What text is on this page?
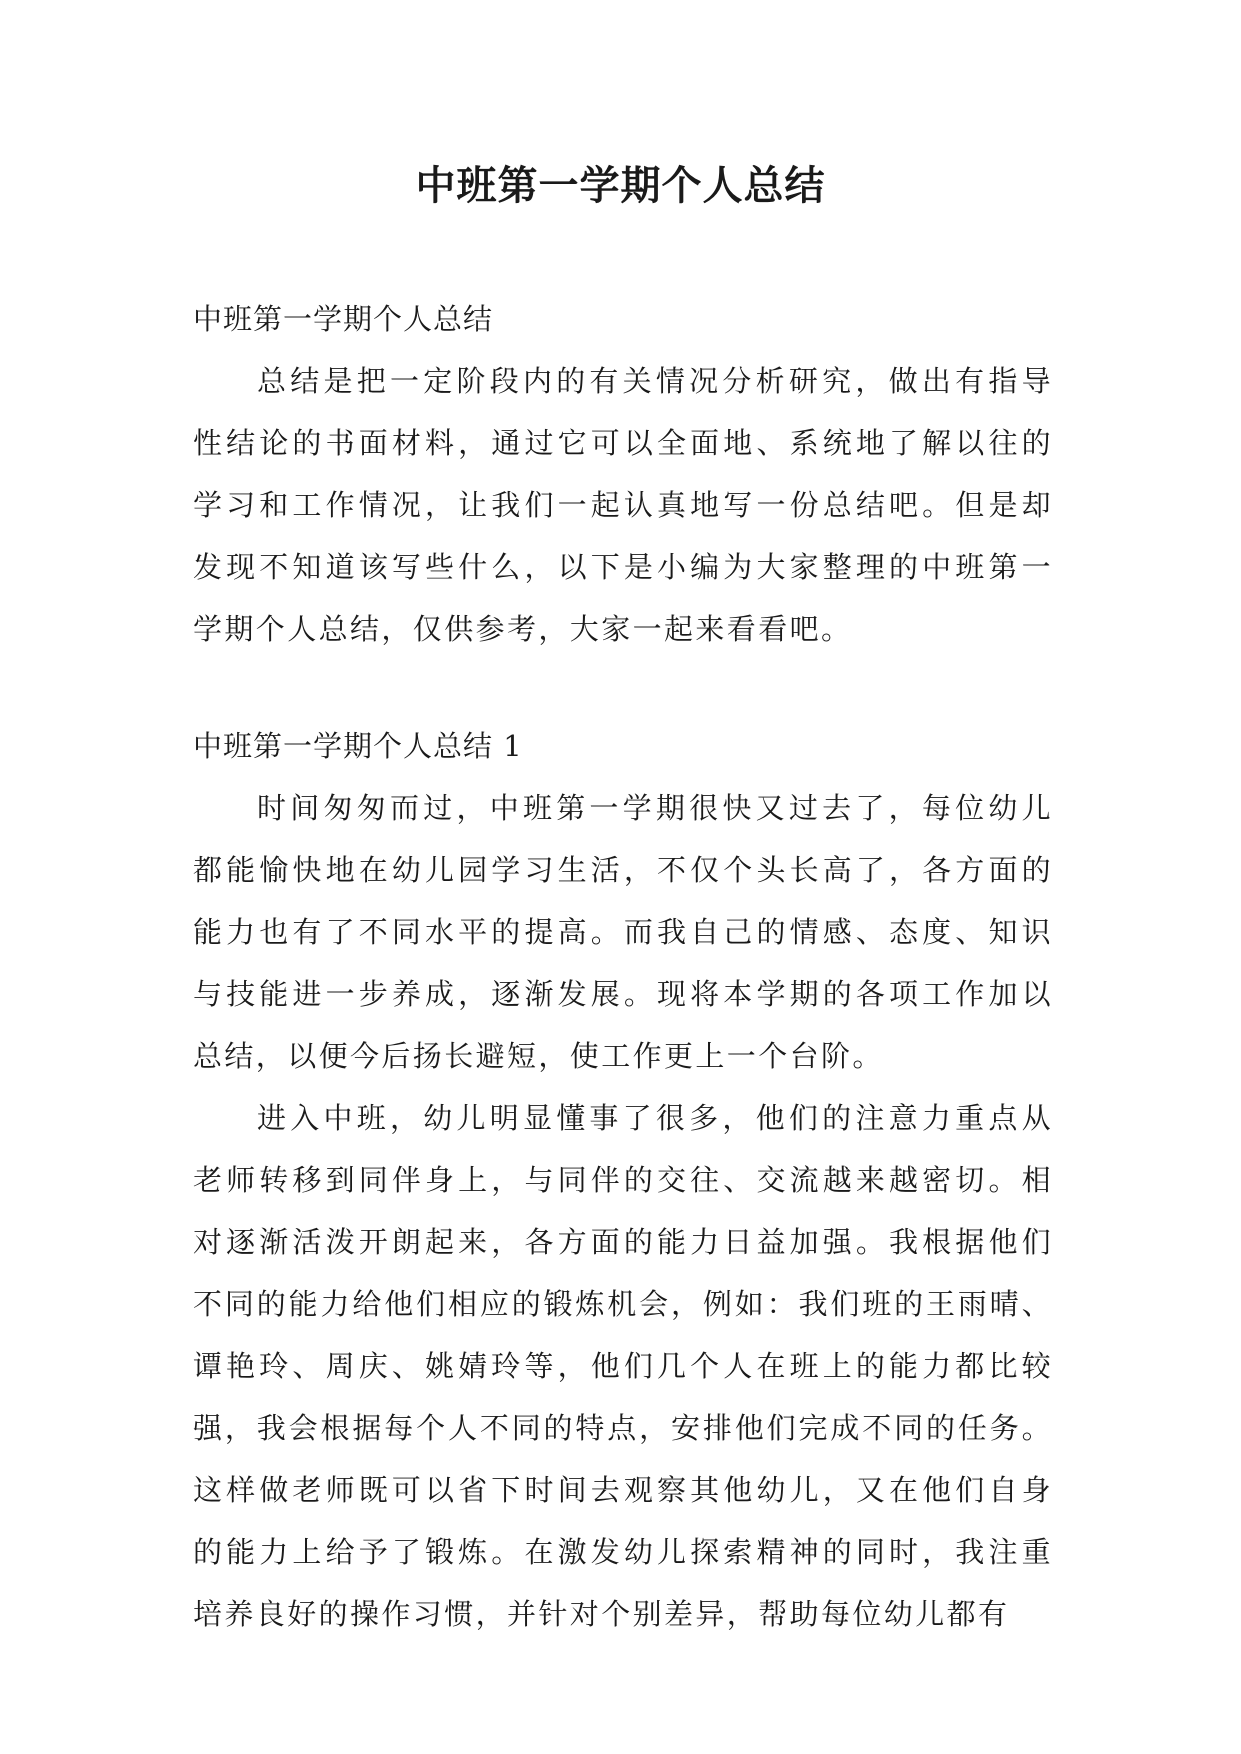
中班第一学期个人总结
中班第一学期个人总结
总结是把一定阶段内的有关情况分析研究，做出有指导
性结论的书面材料，通过它可以全面地、系统地了解以往的
学习和工作情况，让我们一起认真地写一份总结吧。但是却
发现不知道该写些什么，以下是小编为大家整理的中班第一
学期个人总结，仅供参考，大家一起来看看吧。
中班第一学期个人总结 1
时间匆匆而过，中班第一学期很快又过去了，每位幼儿
都能愉快地在幼儿园学习生活，不仅个头长高了，各方面的
能力也有了不同水平的提高。而我自己的情感、态度、知识
与技能进一步养成，逐渐发展。现将本学期的各项工作加以
总结，以便今后扬长避短，使工作更上一个台阶。
进入中班，幼儿明显懂事了很多，他们的注意力重点从
老师转移到同伴身上，与同伴的交往、交流越来越密切。相
对逐渐活泼开朗起来，各方面的能力日益加强。我根据他们
不同的能力给他们相应的锻炼机会，例如：我们班的王雨晴、
谭艳玲、周庆、姚婧玲等，他们几个人在班上的能力都比较
强，我会根据每个人不同的特点，安排他们完成不同的任务。
这样做老师既可以省下时间去观察其他幼儿，又在他们自身
的能力上给予了锻炼。在激发幼儿探索精神的同时，我注重
培养良好的操作习惯，并针对个别差异，帮助每位幼儿都有
